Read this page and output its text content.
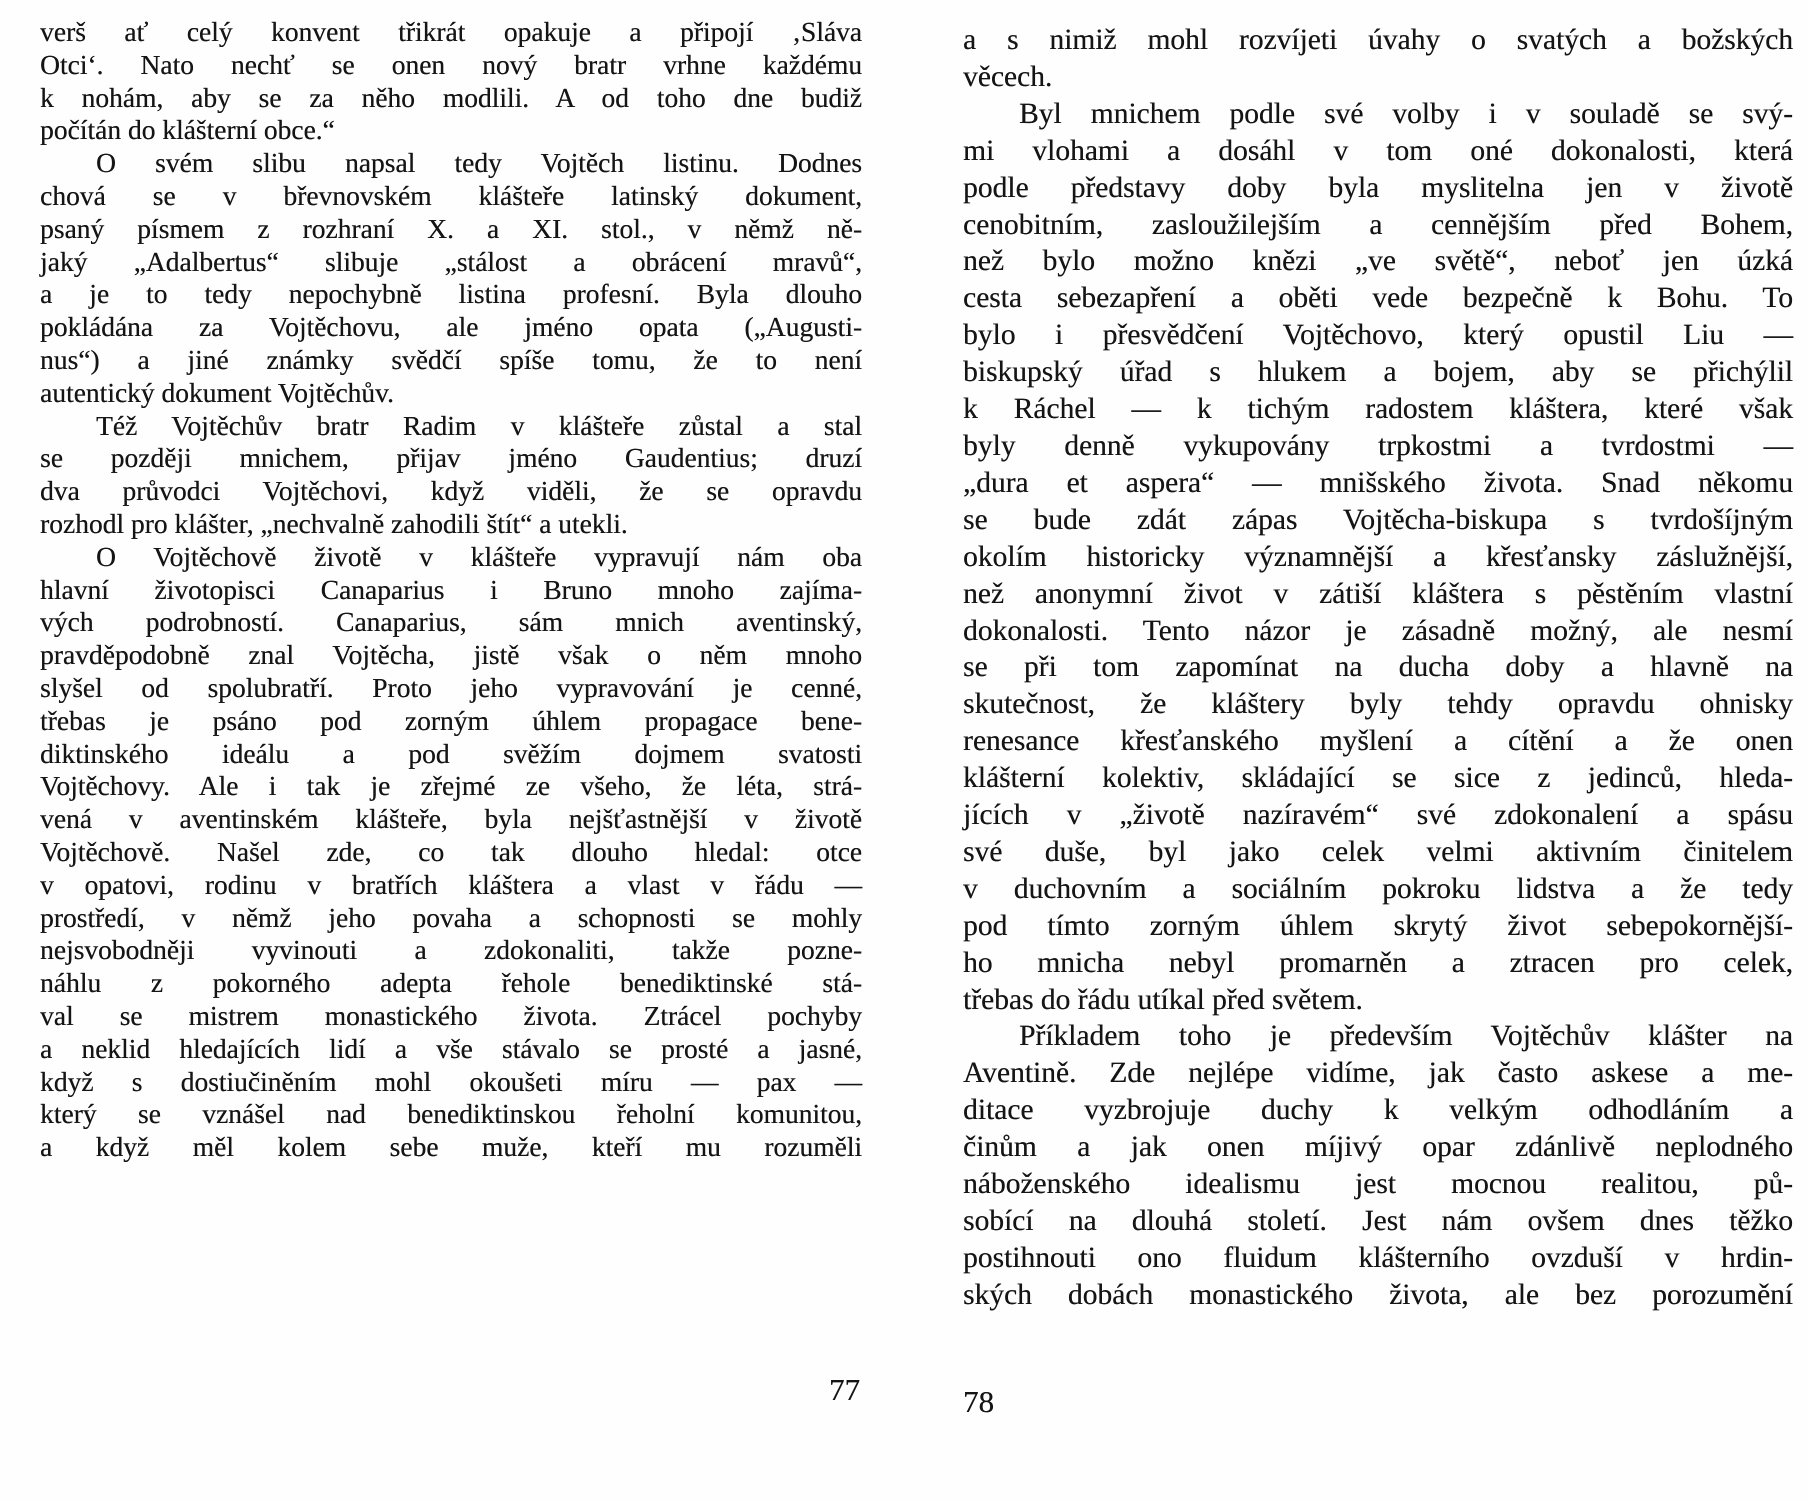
verš ať celý konvent třikrát opakuje a připojí ‚Sláva
Otci‘. Nato nechť se onen nový bratr vrhne každému
k nohám, aby se za něho modlili. A od toho dne budiž
počítán do klášterní obce.“
O svém slibu napsal tedy Vojtěch listinu. Dodnes
chová se v břevnovském klášteře latinský dokument,
psaný písmem z rozhraní X. a XI. stol., v němž ně-
jaký „Adalbertus“ slibuje „stálost a obrácení mravů“,
a je to tedy nepochybně listina profesní. Byla dlouho
pokládána za Vojtěchovu, ale jméno opata („Augusti-
nus“) a jiné známky svědčí spíše tomu, že to není
autentický dokument Vojtěchův.
Též Vojtěchův bratr Radim v klášteře zůstal a stal
se později mnichem, přijav jméno Gaudentius; druzí
dva průvodci Vojtěchovi, když viděli, že se opravdu
rozhodl pro klášter, „nechvalně zahodili štít“ a utekli.
O Vojtěchově životě v klášteře vypravují nám oba
hlavní životopisci Canaparius i Bruno mnoho zajíma-
vých podrobností. Canaparius, sám mnich aventinský,
pravděpodobně znal Vojtěcha, jistě však o něm mnoho
slyšel od spolubratří. Proto jeho vypravování je cenné,
třebas je psáno pod zorným úhlem propagace bene-
diktinského ideálu a pod svěžím dojmem svatosti
Vojtěchovy. Ale i tak je zřejmé ze všeho, že léta, strá-
vená v aventinském klášteře, byla nejšťastnější v životě
Vojtěchově. Našel zde, co tak dlouho hledal: otce
v opatovi, rodinu v bratřích kláštera a vlast v řádu —
prostředí, v němž jeho povaha a schopnosti se mohly
nejsvobodněji vyvinouti a zdokonaliti, takže pozne-
náhlu z pokorného adepta řehole benediktinské stá-
val se mistrem monastického života. Ztrácel pochyby
a neklid hledajících lidí a vše stávalo se prosté a jasné,
když s dostiučiněním mohl okoušeti míru — pax —
který se vznášel nad benediktinskou řeholní komunitou,
a když měl kolem sebe muže, kteří mu rozuměli
a s nimiž mohl rozvíjeti úvahy o svatých a božských
věcech.
Byl mnichem podle své volby i v souladě se svý-
mi vlohami a dosáhl v tom oné dokonalosti, která
podle představy doby byla myslitelna jen v životě
cenobitním, zasloužilejším a cennějším před Bohem,
než bylo možno knězi „ve světě“, neboť jen úzká
cesta sebezapření a oběti vede bezpečně k Bohu. To
bylo i přesvědčení Vojtěchovo, který opustil Liu —
biskupský úřad s hlukem a bojem, aby se přichýlil
k Ráchel — k tichým radostem kláštera, které však
byly denně vykupovány trpkostmi a tvrdostmi —
„dura et aspera“ — mnišského života. Snad někomu
se bude zdát zápas Vojtěcha-biskupa s tvrdošíjným
okolím historicky významnější a křesťansky záslužnější,
než anonymní život v zátiší kláštera s pěstěním vlastní
dokonalosti. Tento názor je zásadně možný, ale nesmí
se při tom zapomínat na ducha doby a hlavně na
skutečnost, že kláštery byly tehdy opravdu ohnisky
renesance křesťanského myšlení a cítění a že onen
klášterní kolektiv, skládající se sice z jedinců, hleda-
jících v „životě nazíravém“ své zdokonalení a spásu
své duše, byl jako celek velmi aktivním činitelem
v duchovním a sociálním pokroku lidstva a že tedy
pod tímto zorným úhlem skrytý život sebepokornější-
ho mnicha nebyl promarněn a ztracen pro celek,
třebas do řádu utíkal před světem.
Příkladem toho je především Vojtěchův klášter na
Aventině. Zde nejlépe vidíme, jak často askese a me-
ditace vyzbrojuje duchy k velkým odhodláním a
činům a jak onen míjivý opar zdánlivě neplodného
náboženského idealismu jest mocnou realitou, pů-
sobící na dlouhá století. Jest nám ovšem dnes těžko
postihnouti ono fluidum klášterního ovzduší v hrdin-
ských dobách monastického života, ale bez porozumění
77	78
